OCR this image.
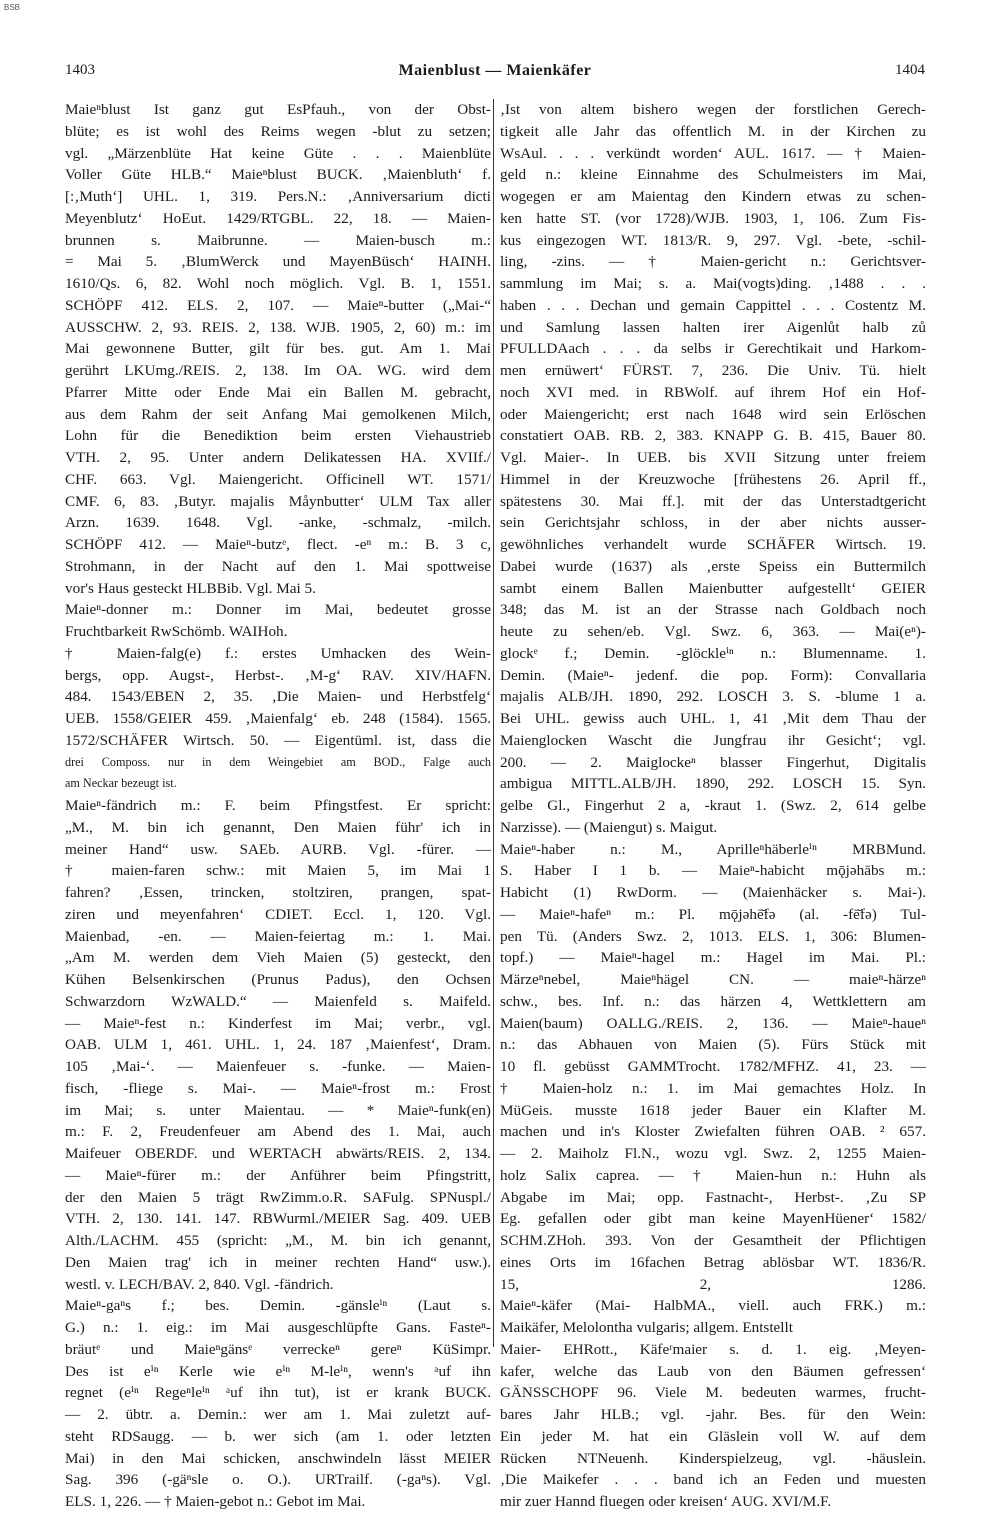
BSB
1403	Maienblust — Maienkäfer	1404
Maieⁿblust Ist ganz gut EsPfauh., von der Obst-
blüte; es ist wohl des Reims wegen -blut zu setzen;
vgl. „Märzenblüte Hat keine Güte . . . Maienblüte
Voller Güte HLB.“ Maieⁿblust BUCK. ‚Maienbluth‘ f.
[:‚Muth‘] UHL. 1, 319. Pers.N.: ‚Anniversarium dicti
Meyenblutz‘ HoEut. 1429/RTGBL. 22, 18. — Maien-
brunnen s. Maibrunne. — Maien-busch m.:
= Mai 5. ‚BlumWerck und MayenBüsch‘ HAINH.
1610/Qs. 6, 82. Wohl noch möglich. Vgl. B. 1, 1551.
SCHÖPF 412. ELS. 2, 107. — Maieⁿ-butter („Mai-“
AUSSCHW. 2, 93. REIS. 2, 138. WJB. 1905, 2, 60) m.: im
Mai gewonnene Butter, gilt für bes. gut. Am 1. Mai
gerührt LKUmg./REIS. 2, 138. Im OA. WG. wird dem
Pfarrer Mitte oder Ende Mai ein Ballen M. gebracht,
aus dem Rahm der seit Anfang Mai gemolkenen Milch,
Lohn für die Benediktion beim ersten Viehaustrieb
VTH. 2, 95. Unter andern Delikatessen HA. XVIIf./
CHF. 663. Vgl. Maiengericht. Officinell WT. 1571/
CMF. 6, 83. ‚Butyr. majalis Måynbutter‘ ULM Tax aller
Arzn. 1639. 1648. Vgl. -anke, -schmalz, -milch.
SCHÖPF 412. — Maieⁿ-butzᵉ, flect. -eⁿ m.: B. 3 c,
Strohmann, in der Nacht auf den 1. Mai spottweise
vor's Haus gesteckt HLBBib. Vgl. Mai 5.
Maieⁿ-donner m.: Donner im Mai, bedeutet grosse
Fruchtbarkeit RwSchömb. WAIHoh.
† Maien-falg(e) f.: erstes Umhacken des Wein-
bergs, opp. Augst-, Herbst-. ‚M-g‘ RAV. XIV/HAFN.
484. 1543/EBEN 2, 35. ‚Die Maien- und Herbstfelg‘
UEB. 1558/GEIER 459. ‚Maienfalg‘ eb. 248 (1584). 1565.
1572/SCHÄFER Wirtsch. 50. — Eigentüml. ist, dass die
drei Composs. nur in dem Weingebiet am BOD., Falge auch
am Neckar bezeugt ist.
Maieⁿ-fändrich m.: F. beim Pfingstfest. Er spricht:
„M., M. bin ich genannt, Den Maien führ' ich in
meiner Hand“ usw. SAEb. AURB. Vgl. -fürer. —
† maien-faren schw.: mit Maien 5, im Mai 1
fahren? ‚Essen, trincken, stoltziren, prangen, spat-
ziren und meyenfahren‘ CDIET. Eccl. 1, 120. Vgl.
Maienbad, -en. — Maien-feiertag m.: 1. Mai.
„Am M. werden dem Vieh Maien (5) gesteckt, den
Kühen Belsenkirschen (Prunus Padus), den Ochsen
Schwarzdorn WzWALD.“ — Maienfeld s. Maifeld.
— Maieⁿ-fest n.: Kinderfest im Mai; verbr., vgl.
OAB. ULM 1, 461. UHL. 1, 24. 187 ‚Maienfest‘, Dram.
105 ‚Mai-‘. — Maienfeuer s. -funke. — Maien-
fisch, -fliege s. Mai-. — Maieⁿ-frost m.: Frost
im Mai; s. unter Maientau. — * Maieⁿ-funk(en)
m.: F. 2, Freudenfeuer am Abend des 1. Mai, auch
Maifeuer OBERDF. und WERTACH abwärts/REIS. 2, 134.
— Maieⁿ-fürer m.: der Anführer beim Pfingstritt,
der den Maien 5 trägt RwZimm.o.R. SAFulg. SPNuspl./
VTH. 2, 130. 141. 147. RBWurml./MEIER Sag. 409. UEB
Alth./LACHM. 455 (spricht: „M., M. bin ich genannt,
Den Maien trag' ich in meiner rechten Hand“ usw.).
westl. v. LECH/BAV. 2, 840. Vgl. -fändrich.
Maieⁿ-gaⁿs f.; bes. Demin. -gänsleⁱⁿ (Laut s.
G.) n.: 1. eig.: im Mai ausgeschlüpfte Gans. Fasteⁿ-
bräutᵉ und Maieⁿgänsᵉ verreckeⁿ gereⁿ KüSimpr.
Des ist eⁱⁿ Kerle wie eⁱⁿ M-leⁱⁿ, wenn's ᵃuf ihn
regnet (eⁱⁿ Regeⁿleⁱⁿ ᵃuf ihn tut), ist er krank BUCK.
— 2. übtr. a. Demin.: wer am 1. Mai zuletzt auf-
steht RDSaugg. — b. wer sich (am 1. oder letzten
Mai) in den Mai schicken, anschwindeln lässt MEIER
Sag. 396 (-gäⁿsle o. O.). URTrailf. (-gaⁿs). Vgl.
ELS. 1, 226. — † Maien-gebot n.: Gebot im Mai.
‚Ist von altem bishero wegen der forstlichen Gerech-
tigkeit alle Jahr das offentlich M. in der Kirchen zu
WsAul. . . . verkündt worden‘ AUL. 1617. — † Maien-
geld n.: kleine Einnahme des Schulmeisters im Mai,
wogegen er am Maientag den Kindern etwas zu schen-
ken hatte ST. (vor 1728)/WJB. 1903, 1, 106. Zum Fis-
kus eingezogen WT. 1813/R. 9, 297. Vgl. -bete, -schil-
ling, -zins. — † Maien-gericht n.: Gerichtsver-
sammlung im Mai; s. a. Mai(vogts)ding. ‚1488 . . .
haben . . . Dechan und gemain Cappittel . . . Costentz M.
und Samlung lassen halten irer Aigenlůt halb zů
PFULLDAach . . . da selbs ir Gerechtikait und Harkom-
men ernüwert‘ FÜRST. 7, 236. Die Univ. Tü. hielt
noch XVI med. in RBWolf. auf ihrem Hof ein Hof-
oder Maiengericht; erst nach 1648 wird sein Erlöschen
constatiert OAB. RB. 2, 383. KNAPP G. B. 415, Bauer 80.
Vgl. Maier-. In UEB. bis XVII Sitzung unter freiem
Himmel in der Kreuzwoche [frühestens 26. April ff.,
spätestens 30. Mai ff.]. mit der das Unterstadtgericht
sein Gerichtsjahr schloss, in der aber nichts ausser-
gewöhnliches verhandelt wurde SCHÄFER Wirtsch. 19.
Dabei wurde (1637) als ‚erste Speiss ein Buttermilch
sambt einem Ballen Maienbutter aufgestellt‘ GEIER
348; das M. ist an der Strasse nach Goldbach noch
heute zu sehen/eb. Vgl. Swz. 6, 363. — Mai(eⁿ)-
glockᵉ f.; Demin. -glöckleⁱⁿ n.: Blumenname. 1.
Demin. (Maieⁿ- jedenf. die pop. Form): Convallaria
majalis ALB/JH. 1890, 292. LOSCH 3. S. -blume 1 a.
Bei UHL. gewiss auch UHL. 1, 41 ‚Mit dem Thau der
Maienglocken Wascht die Jungfrau ihr Gesicht‘; vgl.
200. — 2. Maiglockeⁿ blasser Fingerhut, Digitalis
ambigua MITTL.ALB/JH. 1890, 292. LOSCH 15. Syn.
gelbe Gl., Fingerhut 2 a, -kraut 1. (Swz. 2, 614 gelbe
Narzisse). — (Maiengut) s. Maigut.
Maieⁿ-haber n.: M., Aprilleⁿhäberleⁱⁿ MRBMund.
S. Haber I 1 b. — Maieⁿ-habicht mǭjəhābs m.:
Habicht (1) RwDorm. — (Maienhäcker s. Mai-).
— Maieⁿ-hafeⁿ m.: Pl. mǭjəhē̆fə (al. -fē̆fə) Tul-
pen Tü. (Anders Swz. 2, 1013. ELS. 1, 306: Blumen-
topf.) — Maieⁿ-hagel m.: Hagel im Mai. Pl.:
Märzeⁿnebel, Maieⁿhägel CN. — maieⁿ-härzeⁿ
schw., bes. Inf. n.: das härzen 4, Wettklettern am
Maien(baum) OALLG./REIS. 2, 136. — Maieⁿ-haueⁿ
n.: das Abhauen von Maien (5). Fürs Stück mit
10 fl. gebüsst GAMMTrocht. 1782/MFHZ. 41, 23. —
† Maien-holz n.: 1. im Mai gemachtes Holz. In
MüGeis. musste 1618 jeder Bauer ein Klafter M.
machen und in's Kloster Zwiefalten führen OAB. ² 657.
— 2. Maiholz Fl.N., wozu vgl. Swz. 2, 1255 Maien-
holz Salix caprea. — † Maien-hun n.: Huhn als
Abgabe im Mai; opp. Fastnacht-, Herbst-. ‚Zu SP
Eg. gefallen oder gibt man keine MayenHüener‘ 1582/
SCHM.ZHoh. 393. Von der Gesamtheit der Pflichtigen
eines Orts im 16fachen Betrag ablösbar WT. 1836/R.
15, 2, 1286.
Maieⁿ-käfer (Mai- HalbMA., viell. auch FRK.) m.:
Maikäfer, Melolontha vulgaris; allgem. Entstellt
Maier- EHRott., Käfeʳmaier s. d. 1. eig. ‚Meyen-
kafer, welche das Laub von den Bäumen gefressen‘
GÄNSSCHOPF 96. Viele M. bedeuten warmes, frucht-
bares Jahr HLB.; vgl. -jahr. Bes. für den Wein:
Ein jeder M. hat ein Gläslein voll W. auf dem
Rücken NTNeuenh. Kinderspielzeug, vgl. -häuslein.
‚Die Maikefer . . . band ich an Feden und muesten
mir zuer Hannd fluegen oder kreisen‘ AUG. XVI/M.F.
